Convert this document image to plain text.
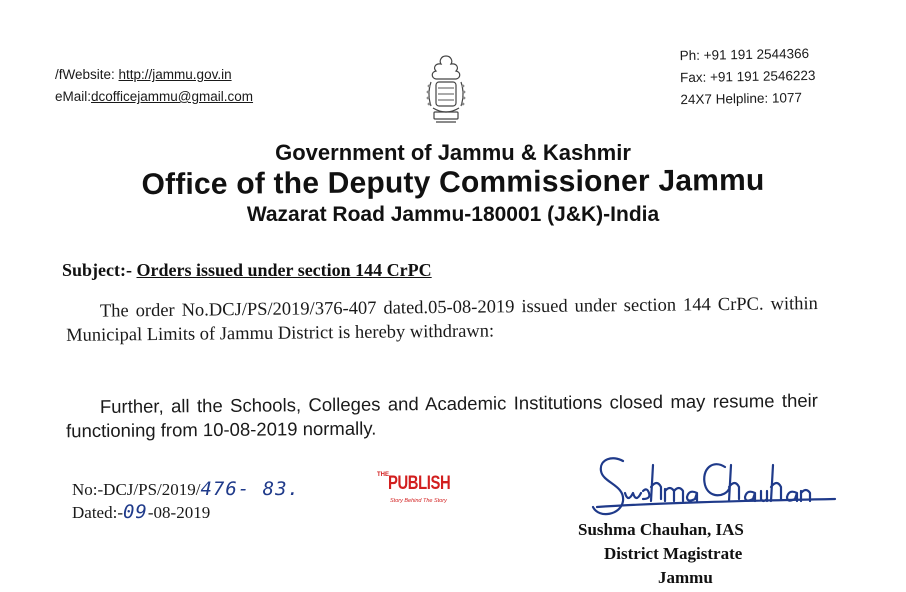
/fWebsite: http://jammu.gov.in
eMail:dcofficejammu@gmail.com
Ph: +91 191 2544366
Fax: +91 191 2546223
24X7 Helpline: 1077
Government of Jammu & Kashmir
Office of the Deputy Commissioner Jammu
Wazarat Road Jammu-180001 (J&K)-India
Subject:- Orders issued under section 144 CrPC
The order No.DCJ/PS/2019/376-407 dated.05-08-2019 issued under section 144 CrPC. within Municipal Limits of Jammu District is hereby withdrawn:
Further, all the Schools, Colleges and Academic Institutions closed may resume their functioning from 10-08-2019 normally.
No:-DCJ/PS/2019/476- 83.
Dated:-09-08-2019
THE PUBLISH
Story Behind The Story
Sushma Chauhan, IAS
District Magistrate
Jammu
